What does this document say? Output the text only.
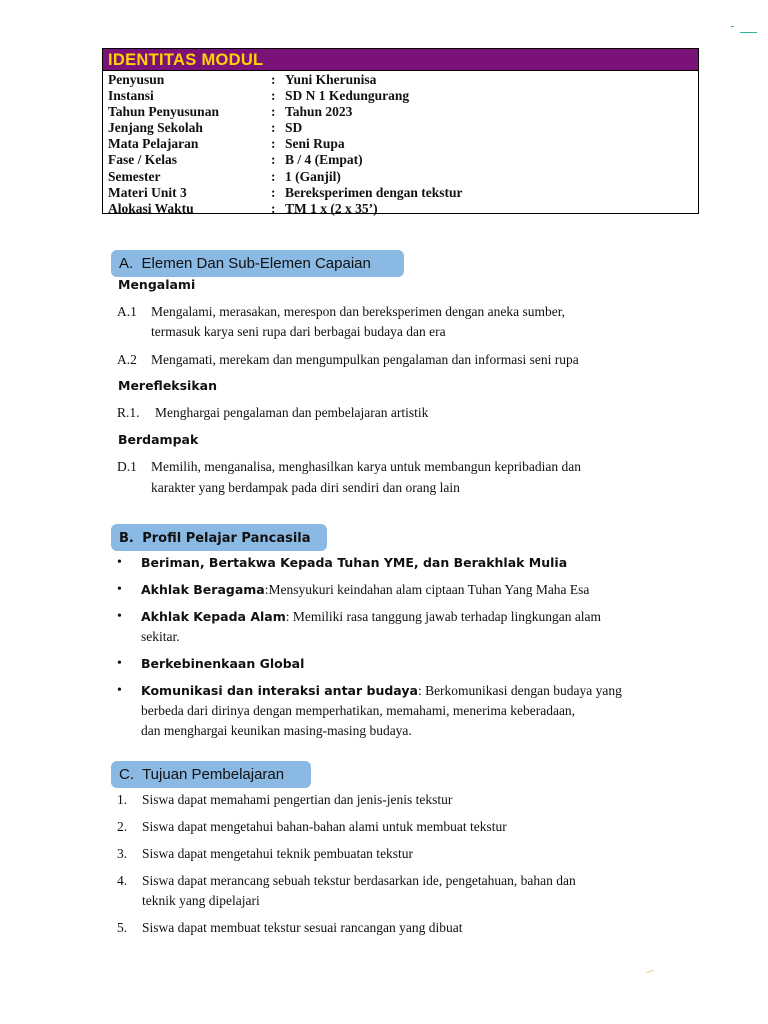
IDENTITAS MODUL
Penyusun	: Yuni Kherunisa
Instansi	: SD N 1 Kedungurang
Tahun Penyusunan	: Tahun 2023
Jenjang Sekolah	: SD
Mata Pelajaran	: Seni Rupa
Fase / Kelas	: B / 4 (Empat)
Semester	: 1 (Ganjil)
Materi Unit 3	: Bereksperimen dengan tekstur
Alokasi Waktu	: TM 1 x (2 x 35’)
A. Elemen Dan Sub-Elemen Capaian
Mengalami
A.1 Mengalami, merasakan, merespon dan bereksperimen dengan aneka sumber,
termasuk karya seni rupa dari berbagai budaya dan era
A.2 Mengamati, merekam dan mengumpulkan pengalaman dan informasi seni rupa
Merefleksikan
R.1. Menghargai pengalaman dan pembelajaran artistik
Berdampak
D.1 Memilih, menganalisa, menghasilkan karya untuk membangun kepribadian dan
karakter yang berdampak pada diri sendiri dan orang lain
B. Profil Pelajar Pancasila
•	Beriman, Bertakwa Kepada Tuhan YME, dan Berakhlak Mulia
•	Akhlak Beragama:Mensyukuri keindahan alam ciptaan Tuhan Yang Maha Esa
•	Akhlak Kepada Alam: Memiliki rasa tanggung jawab terhadap lingkungan alam
sekitar.
•	Berkebinenkaan Global
•	Komunikasi dan interaksi antar budaya: Berkomunikasi dengan budaya yang
berbeda dari dirinya dengan memperhatikan, memahami, menerima keberadaan,
dan menghargai keunikan masing-masing budaya.
C. Tujuan Pembelajaran
1. Siswa dapat memahami pengertian dan jenis-jenis tekstur
2. Siswa dapat mengetahui bahan-bahan alami untuk membuat tekstur
3. Siswa dapat mengetahui teknik pembuatan tekstur
4. Siswa dapat merancang sebuah tekstur berdasarkan ide, pengetahuan, bahan dan
teknik yang dipelajari
5. Siswa dapat membuat tekstur sesuai rancangan yang dibuat
